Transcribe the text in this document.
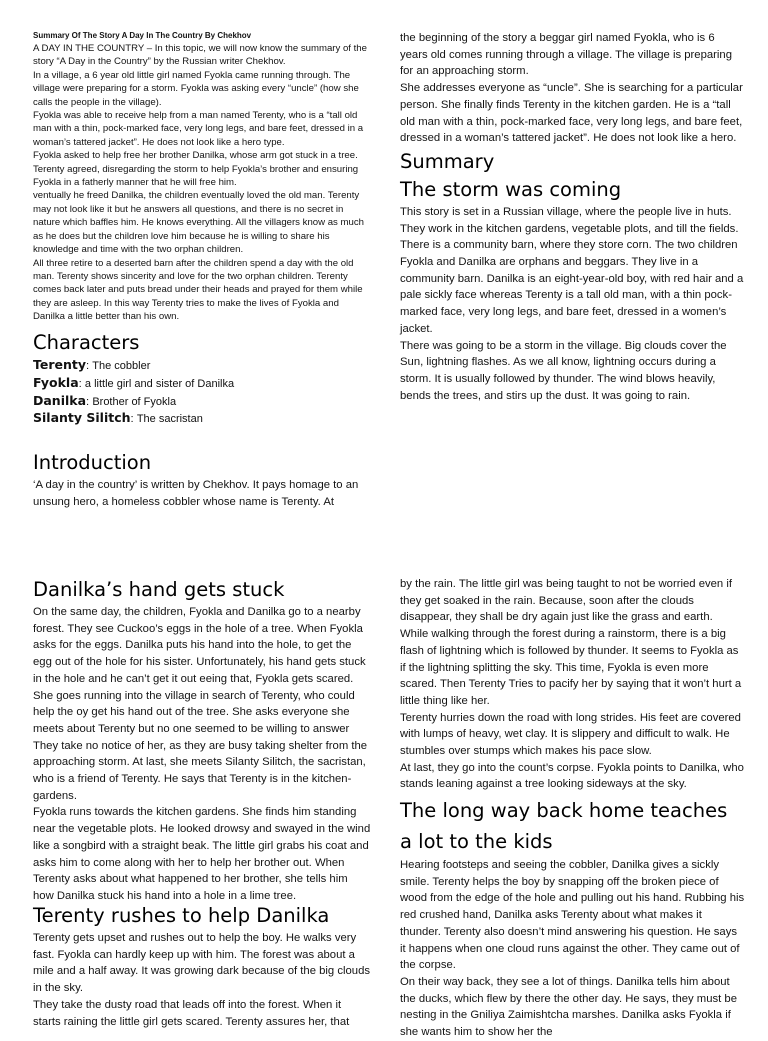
Summary Of The Story A Day In The Country By Chekhov
A DAY IN THE COUNTRY – In this topic, we will now know the summary of the story “A Day in the Country” by the Russian writer Chekhov.
In a village, a 6 year old little girl named Fyokla came running through. The village were preparing for a storm. Fyokla was asking every “uncle” (how she calls the people in the village).
Fyokla was able to receive help from a man named Terenty, who is a “tall old man with a thin, pock-marked face, very long legs, and bare feet, dressed in a woman’s tattered jacket”. He does not look like a hero type.
Fyokla asked to help free her brother Danilka, whose arm got stuck in a tree. Terenty agreed, disregarding the storm to help Fyokla’s brother and ensuring Fyokla in a fatherly manner that he will free him.
ventually he freed Danilka, the children eventually loved the old man. Terenty may not look like it but he answers all questions, and there is no secret in nature which baffles him. He knows everything. All the villagers know as much as he does but the children love him because he is willing to share his knowledge and time with the two orphan children.
All three retire to a deserted barn after the children spend a day with the old man. Terenty shows sincerity and love for the two orphan children. Terenty comes back later and puts bread under their heads and prayed for them while they are asleep. In this way Terenty tries to make the lives of Fyokla and Danilka a little better than his own.
Characters
Terenty: The cobbler
Fyokla: a little girl and sister of Danilka
Danilka: Brother of Fyokla
Silanty Silitch: The sacristan
Introduction
‘A day in the country’ is written by Chekhov. It pays homage to an unsung hero, a homeless cobbler whose name is Terenty. At
the beginning of the story a beggar girl named Fyokla, who is 6 years old comes running through a village. The village is preparing for an approaching storm.
She addresses everyone as “uncle”. She is searching for a particular person. She finally finds Terenty in the kitchen garden. He is a “tall old man with a thin, pock-marked face, very long legs, and bare feet, dressed in a woman’s tattered jacket”. He does not look like a hero.
Summary
The storm was coming
This story is set in a Russian village, where the people live in huts. They work in the kitchen gardens, vegetable plots, and till the fields. There is a community barn, where they store corn. The two children Fyokla and Danilka are orphans and beggars. They live in a community barn. Danilka is an eight-year-old boy, with red hair and a pale sickly face whereas Terenty is a tall old man, with a thin pock-marked face, very long legs, and bare feet, dressed in a women’s jacket.
There was going to be a storm in the village. Big clouds cover the Sun, lightning flashes. As we all know, lightning occurs during a storm. It is usually followed by thunder. The wind blows heavily, bends the trees, and stirs up the dust. It was going to rain.
Danilka’s hand gets stuck
On the same day, the children, Fyokla and Danilka go to a nearby forest. They see Cuckoo’s eggs in the hole of a tree. When Fyokla asks for the eggs. Danilka puts his hand into the hole, to get the egg out of the hole for his sister. Unfortunately, his hand gets stuck in the hole and he can’t get it out eeing that, Fyokla gets scared. She goes running into the village in search of Terenty, who could help the oy get his hand out of the tree. She asks everyone she meets about Terenty but no one seemed to be willing to answer They take no notice of her, as they are busy taking shelter from the approaching storm. At last, she meets Silanty Silitch, the sacristan, who is a friend of Terenty. He says that Terenty is in the kitchen- gardens.
Fyokla runs towards the kitchen gardens. She finds him standing near the vegetable plots. He looked drowsy and swayed in the wind like a songbird with a straight beak. The little girl grabs his coat and asks him to come along with her to help her brother out. When Terenty asks about what happened to her brother, she tells him how Danilka stuck his hand into a hole in a lime tree.
Terenty rushes to help Danilka
Terenty gets upset and rushes out to help the boy. He walks very fast. Fyokla can hardly keep up with him. The forest was about a mile and a half away. It was growing dark because of the big clouds in the sky.
They take the dusty road that leads off into the forest. When it starts raining the little girl gets scared. Terenty assures her, that
by the rain. The little girl was being taught to not be worried even if they get soaked in the rain. Because, soon after the clouds disappear, they shall be dry again just like the grass and earth.
While walking through the forest during a rainstorm, there is a big flash of lightning which is followed by thunder. It seems to Fyokla as if the lightning splitting the sky. This time, Fyokla is even more scared. Then Terenty Tries to pacify her by saying that it won’t hurt a little thing like her.
Terenty hurries down the road with long strides. His feet are covered with lumps of heavy, wet clay. It is slippery and difficult to walk. He stumbles over stumps which makes his pace slow.
At last, they go into the count’s corpse. Fyokla points to Danilka, who stands leaning against a tree looking sideways at the sky.
The long way back home teaches a lot to the kids
Hearing footsteps and seeing the cobbler, Danilka gives a sickly smile. Terenty helps the boy by snapping off the broken piece of wood from the edge of the hole and pulling out his hand. Rubbing his red crushed hand, Danilka asks Terenty about what makes it thunder. Terenty also doesn’t mind answering his question. He says it happens when one cloud runs against the other. They came out of the corpse.
On their way back, they see a lot of things. Danilka tells him about the ducks, which flew by there the other day. He says, they must be nesting in the Gniliya Zaimishtcha marshes. Danilka asks Fyokla if she wants him to show her the
